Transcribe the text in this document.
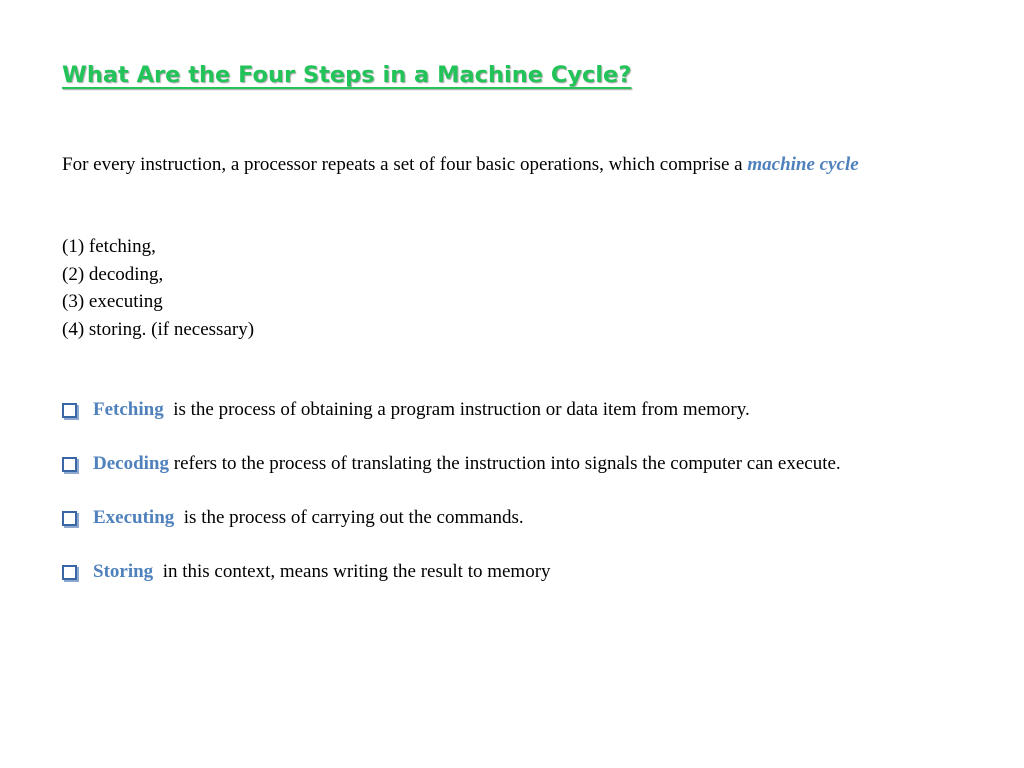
What Are the Four Steps in a Machine Cycle?

For every instruction, a processor repeats a set of four basic operations, which comprise a machine cycle

(1) fetching,
(2) decoding,
(3) executing
(4) storing. (if necessary)
Fetching is the process of obtaining a program instruction or data item from memory.
Decoding refers to the process of translating the instruction into signals the computer can execute.
Executing is the process of carrying out the commands.
Storing in this context, means writing the result to memory
